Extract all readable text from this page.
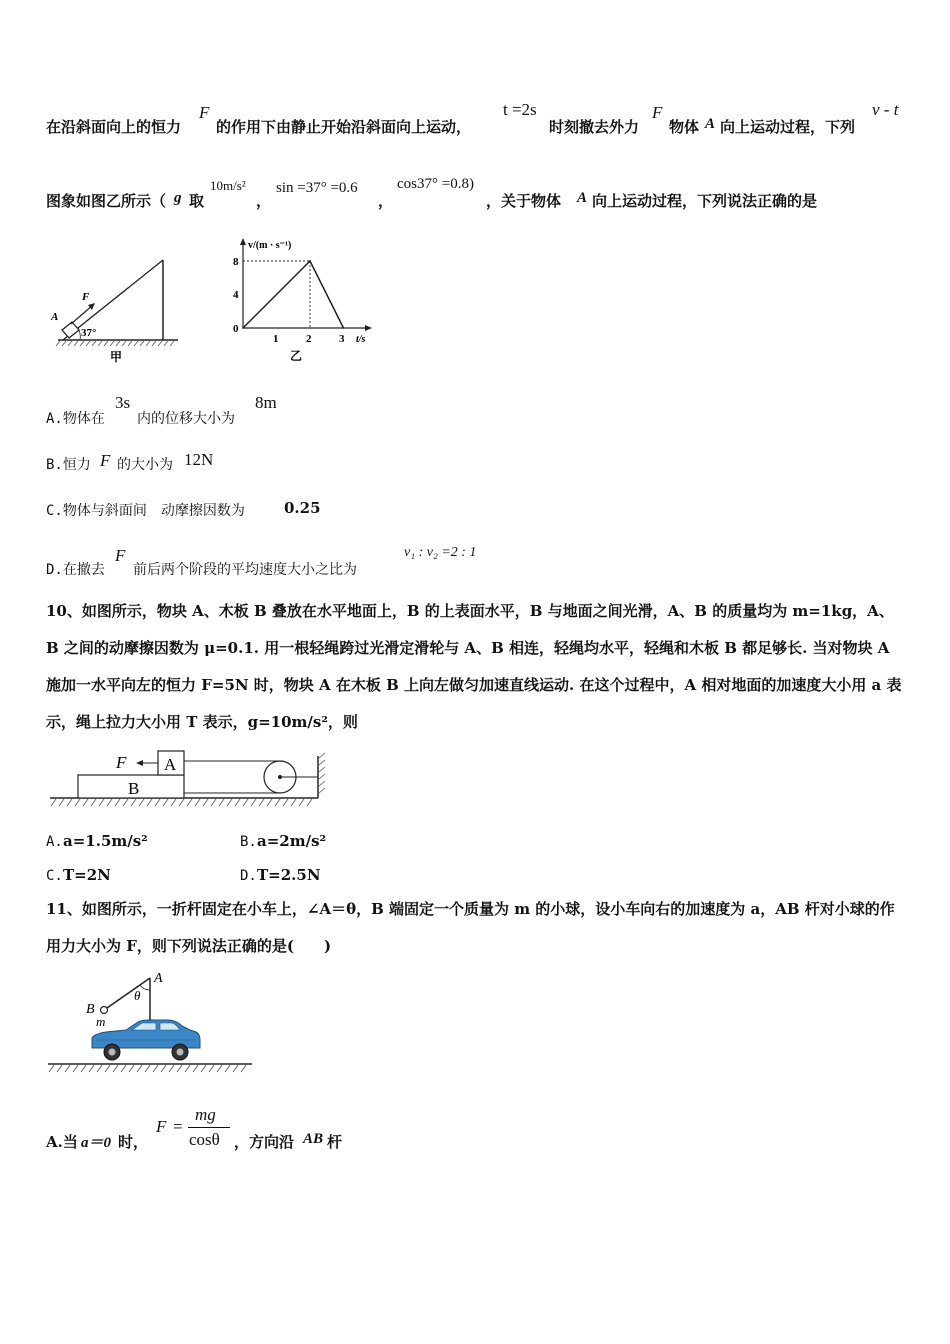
在沿斜面向上的恒力
F
的作用下由静止开始沿斜面向上运动，
t =2s
时刻撤去外力
F
物体 A 向上运动过程，下列
v - t
图象如图乙所示（ g 取
10m/s²
，
sin =37° =0.6
，
cos37° =0.8)
，关于物体 A 向上运动过程，下列说法正确的是
A
F
37°
甲
v/(m · s⁻¹)
t/s
8
4
0
1	2	3
乙
A.物体在
3s
内的位移大小为
8m
B.恒力 F 的大小为 12N
C.物体与斜面间　动摩擦因数为	0.25
D.在撤去
F
前后两个阶段的平均速度大小之比为
v₁ : v₂ =2 : 1
10、如图所示，物块 A、木板 B 叠放在水平地面上，B 的上表面水平，B 与地面之间光滑，A、B 的质量均为 m=1kg，A、B 之间的动摩擦因数为 μ=0.1. 用一根轻绳跨过光滑定滑轮与 A、B 相连，轻绳均水平，轻绳和木板 B 都足够长. 当对物块 A 施加一水平向左的恒力 F=5N 时，物块 A 在木板 B 上向左做匀加速直线运动. 在这个过程中，A 相对地面的加速度大小用 a 表示，绳上拉力大小用 T 表示，g=10m/s²，则
F A
B
A. a=1.5m/s²	B. a=2m/s²
C. T=2N	D. T=2.5N
11、如图所示，一折杆固定在小车上，∠A＝θ，B 端固定一个质量为 m 的小球，设小车向右的加速度为 a，AB 杆对小球的作用力大小为 F，则下列说法正确的是(　　)
A
θ
B
m
A.当 a＝0 时，
F =
mg
cosθ ，方向沿 AB 杆
